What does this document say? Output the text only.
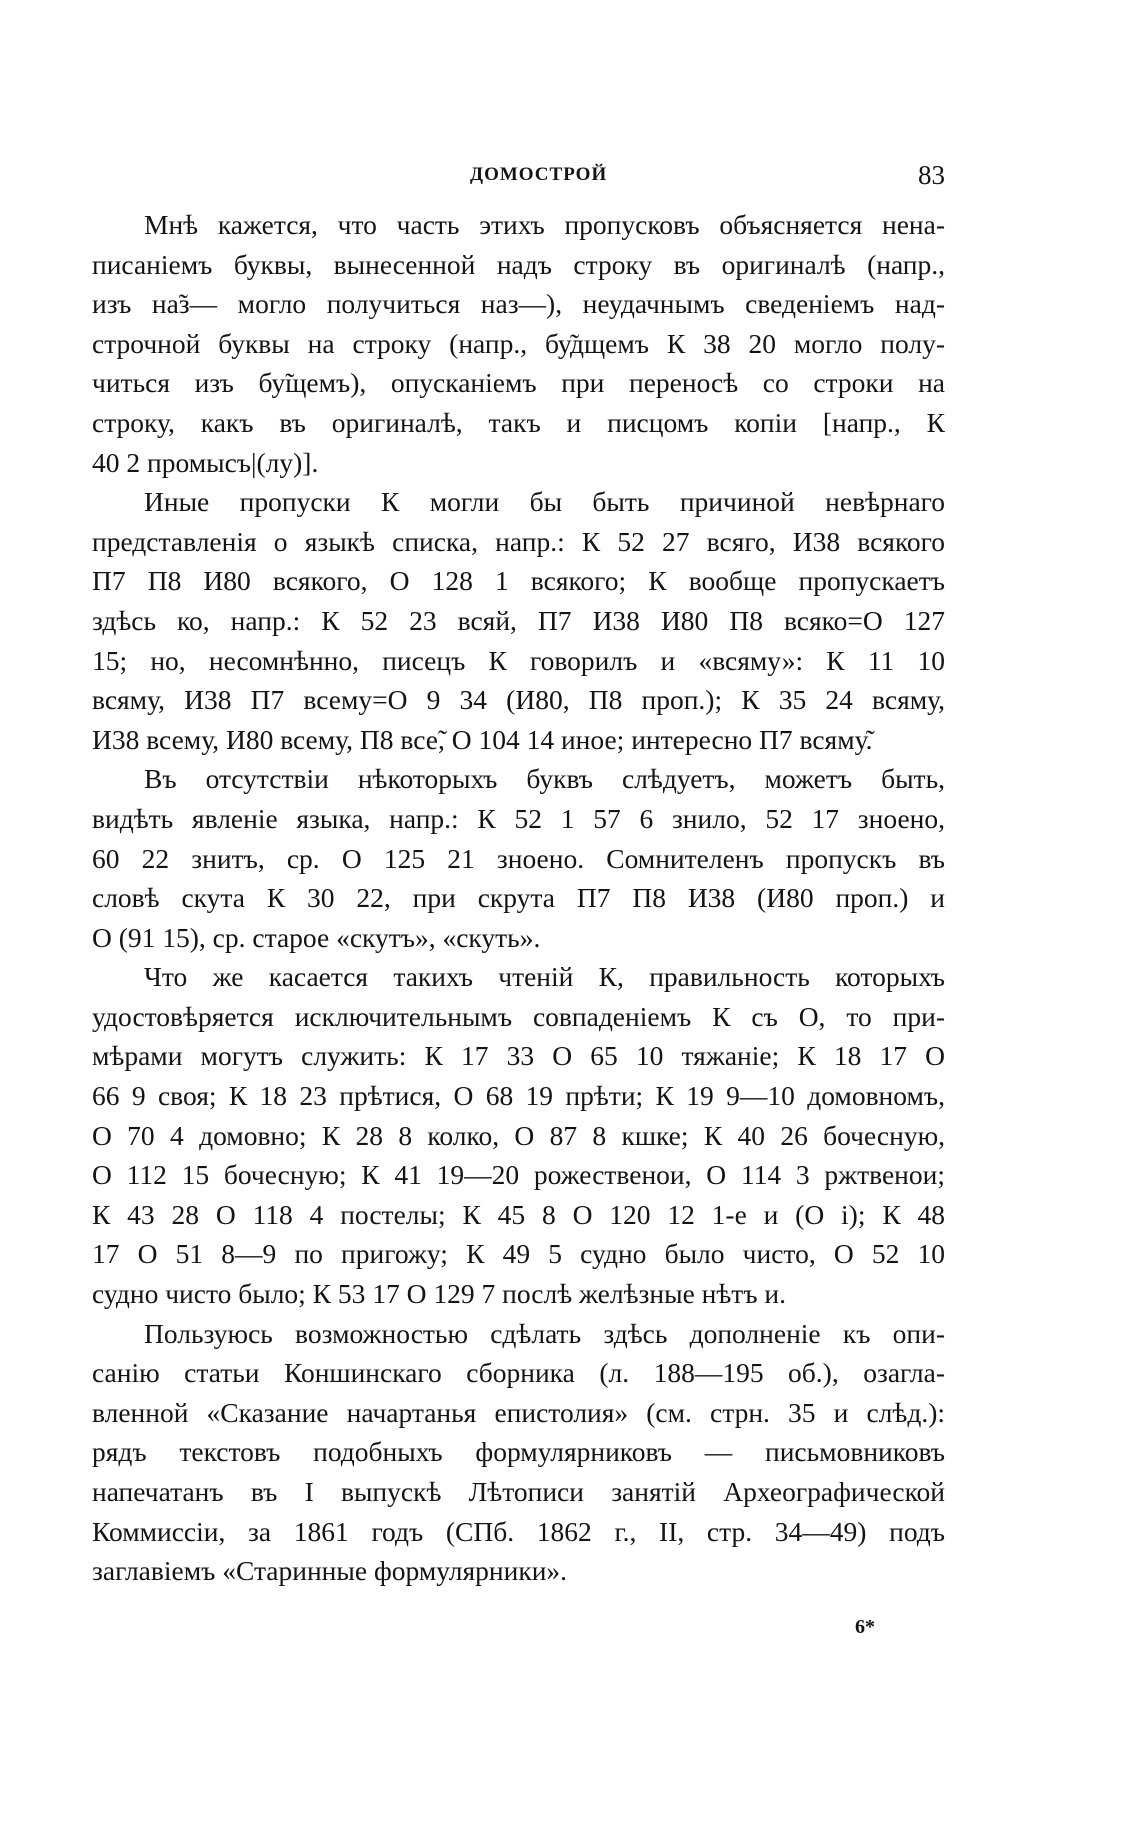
ДОМОСТРОЙ	83
Мнѣ кажется, что часть этихъ пропусковъ объясняется нена-
писаніемъ буквы, вынесенной надъ строку въ оригиналѣ (напр.,
изъ на̃з— могло получиться наз—), неудачнымъ сведеніемъ над-
строчной буквы на строку (напр., бу̃дщемъ К 38 20 могло полу-
читься изъ бу̃щемъ), опусканіемъ при переносѣ со строки на
строку, какъ въ оригиналѣ, такъ и писцомъ копіи [напр., К
40 2 промысъ|(лу)].
Иные пропуски К могли бы быть причиной невѣрнаго
представленія о языкѣ списка, напр.: К 52 27 всяго, И38 всякого
П7 П8 И80 всякого, О 128 1 всякого; К вообще пропускаетъ
здѣсь ко, напр.: К 52 23 всяй, П7 И38 И80 П8 всяко=О 127
15; но, несомнѣнно, писецъ К говорилъ и «всяму»: К 11 10
всяму, И38 П7 всему=О 9 34 (И80, П8 проп.); К 35 24 всяму,
И38 всему, И80 всему, П8 все̃, О 104 14 иное; интересно П7 всяму̃.
Въ отсутствіи нѣкоторыхъ буквъ слѣдуетъ, можетъ быть,
видѣть явленіе языка, напр.: К 52 1 57 6 знило, 52 17 зноено,
60 22 знитъ, ср. О 125 21 зноено. Сомнителенъ пропускъ въ
словѣ скута К 30 22, при скрута П7 П8 И38 (И80 проп.) и
О (91 15), ср. старое «скутъ», «скуть».
Что же касается такихъ чтеній К, правильность которыхъ
удостовѣряется исключительнымъ совпаденіемъ К съ О, то при-
мѣрами могутъ служить: К 17 33 О 65 10 тяжаніе; К 18 17 О
66 9 своя; К 18 23 прѣтися, О 68 19 прѣти; К 19 9—10 домовномъ,
О 70 4 домовно; К 28 8 колко, О 87 8 кшке; К 40 26 бочесную,
О 112 15 бочесную; К 41 19—20 рожественои, О 114 3 ржтвенои;
К 43 28 О 118 4 постелы; К 45 8 О 120 12 1-е и (О і); К 48
17 О 51 8—9 по пригожу; К 49 5 судно было чисто, О 52 10
судно чисто было; К 53 17 О 129 7 послѣ желѣзные нѣтъ и.
Пользуюсь возможностью сдѣлать здѣсь дополненіе къ опи-
санію статьи Коншинскаго сборника (л. 188—195 об.), озагла-
вленной «Сказание начартанья епистолия» (см. стрн. 35 и слѣд.):
рядъ текстовъ подобныхъ формулярниковъ — письмовниковъ
напечатанъ въ I выпускѣ Лѣтописи занятій Археографической
Коммиссіи, за 1861 годъ (СПб. 1862 г., II, стр. 34—49) подъ
заглавіемъ «Старинные формулярники».
6*
